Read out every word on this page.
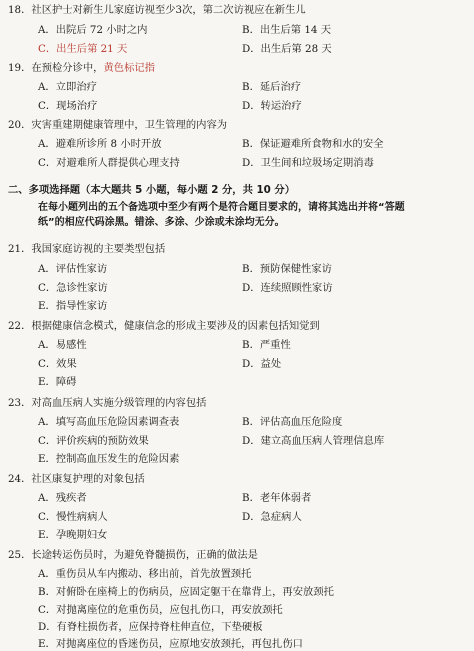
18．社区护士对新生儿家庭访视至少3次，第二次访视应在新生儿
A．出院后 72 小时之内	B．出生后第 14 天
C．出生后第 21 天	D．出生后第 28 天
19．在预检分诊中，黄色标记指
A．立即治疗	B．延后治疗
C．现场治疗	D．转运治疗
20．灾害重建期健康管理中，卫生管理的内容为
A．避难所诊所 8 小时开放	B．保证避难所食物和水的安全
C．对避难所人群提供心理支持	D．卫生间和垃圾场定期消毒
二、多项选择题（本大题共 5 小题，每小题 2 分，共 10 分）
在每小题列出的五个备选项中至少有两个是符合题目要求的，请将其选出并将“答题
纸”的相应代码涂黑。错涂、多涂、少涂或未涂均无分。
21．我国家庭访视的主要类型包括
A．评估性家访	B．预防保健性家访
C．急诊性家访	D．连续照顾性家访
E．指导性家访
22．根据健康信念模式，健康信念的形成主要涉及的因素包括知觉到
A．易感性	B．严重性
C．效果	D．益处
E．障碍
23．对高血压病人实施分级管理的内容包括
A．填写高血压危险因素调查表	B．评估高血压危险度
C．评价疾病的预防效果	D．建立高血压病人管理信息库
E．控制高血压发生的危险因素
24．社区康复护理的对象包括
A．残疾者	B．老年体弱者
C．慢性病病人	D．急症病人
E．孕晚期妇女
25．长途转运伤员时，为避免脊髓损伤，正确的做法是
A．重伤员从车内搬动、移出前，首先放置颈托
B．对俯卧在座椅上的伤病员，应固定躯干在靠背上，再安放颈托
C．对抛离座位的危重伤员，应包扎伤口，再安放颈托
D．有脊柱损伤者，应保持脊柱伸直位，下垫硬板
E．对抛离座位的昏迷伤员，应原地安放颈托，再包扎伤口
